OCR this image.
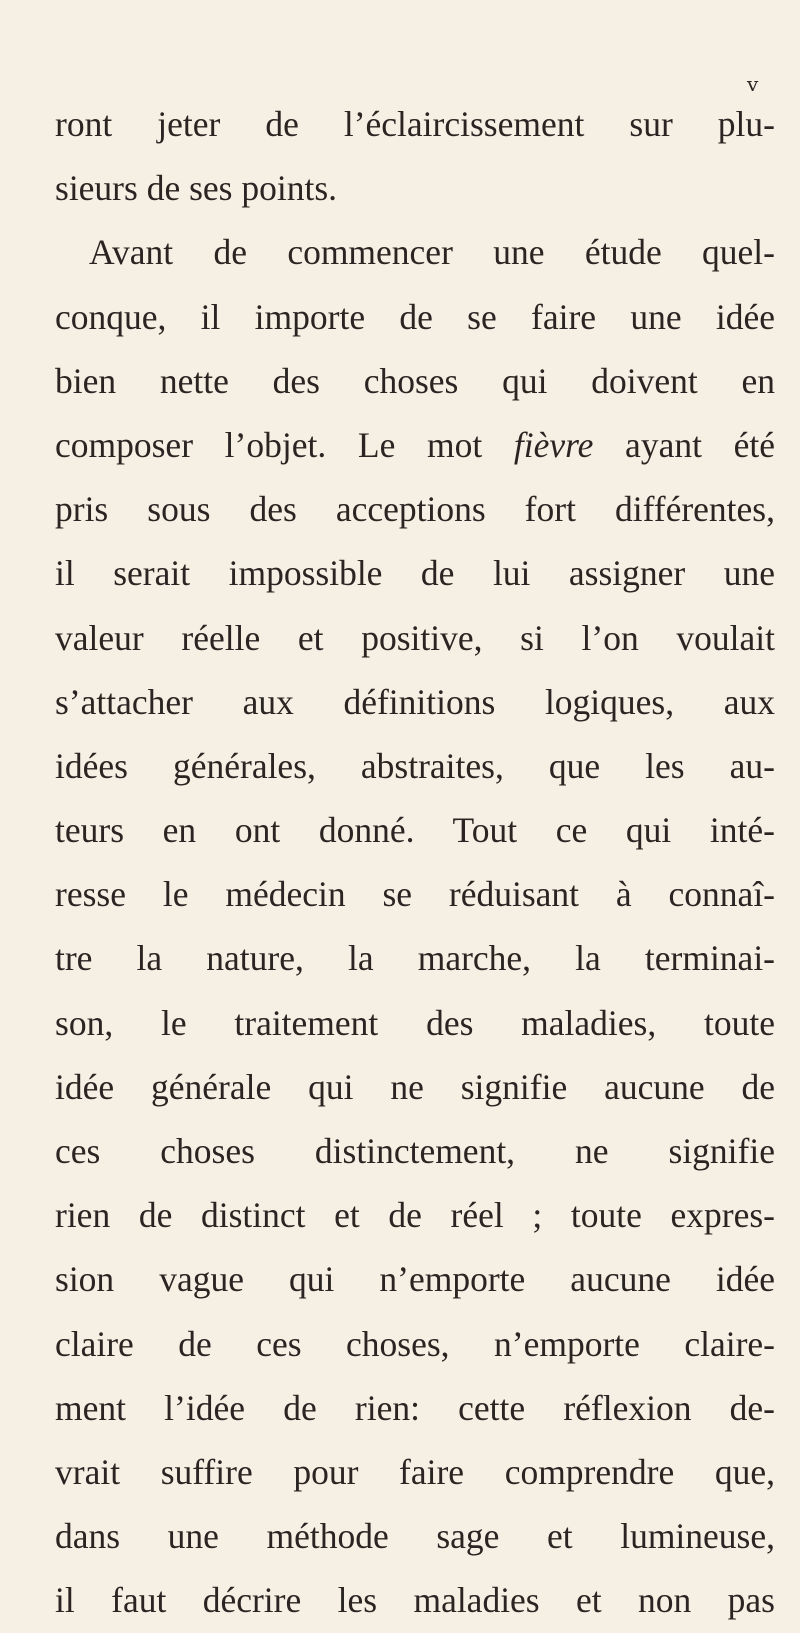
v
ront jeter de l’éclaircissement sur plu-
sieurs de ses points.
Avant de commencer une étude quel-
conque, il importe de se faire une idée
bien nette des choses qui doivent en
composer l’objet. Le mot fièvre ayant été
pris sous des acceptions fort différentes,
il serait impossible de lui assigner une
valeur réelle et positive, si l’on voulait
s’attacher aux définitions logiques, aux
idées générales, abstraites, que les au-
teurs en ont donné. Tout ce qui inté-
resse le médecin se réduisant à connaî-
tre la nature, la marche, la terminai-
son, le traitement des maladies, toute
idée générale qui ne signifie aucune de
ces choses distinctement, ne signifie
rien de distinct et de réel ; toute expres-
sion vague qui n’emporte aucune idée
claire de ces choses, n’emporte claire-
ment l’idée de rien: cette réflexion de-
vrait suffire pour faire comprendre que,
dans une méthode sage et lumineuse,
il faut décrire les maladies et non pas
